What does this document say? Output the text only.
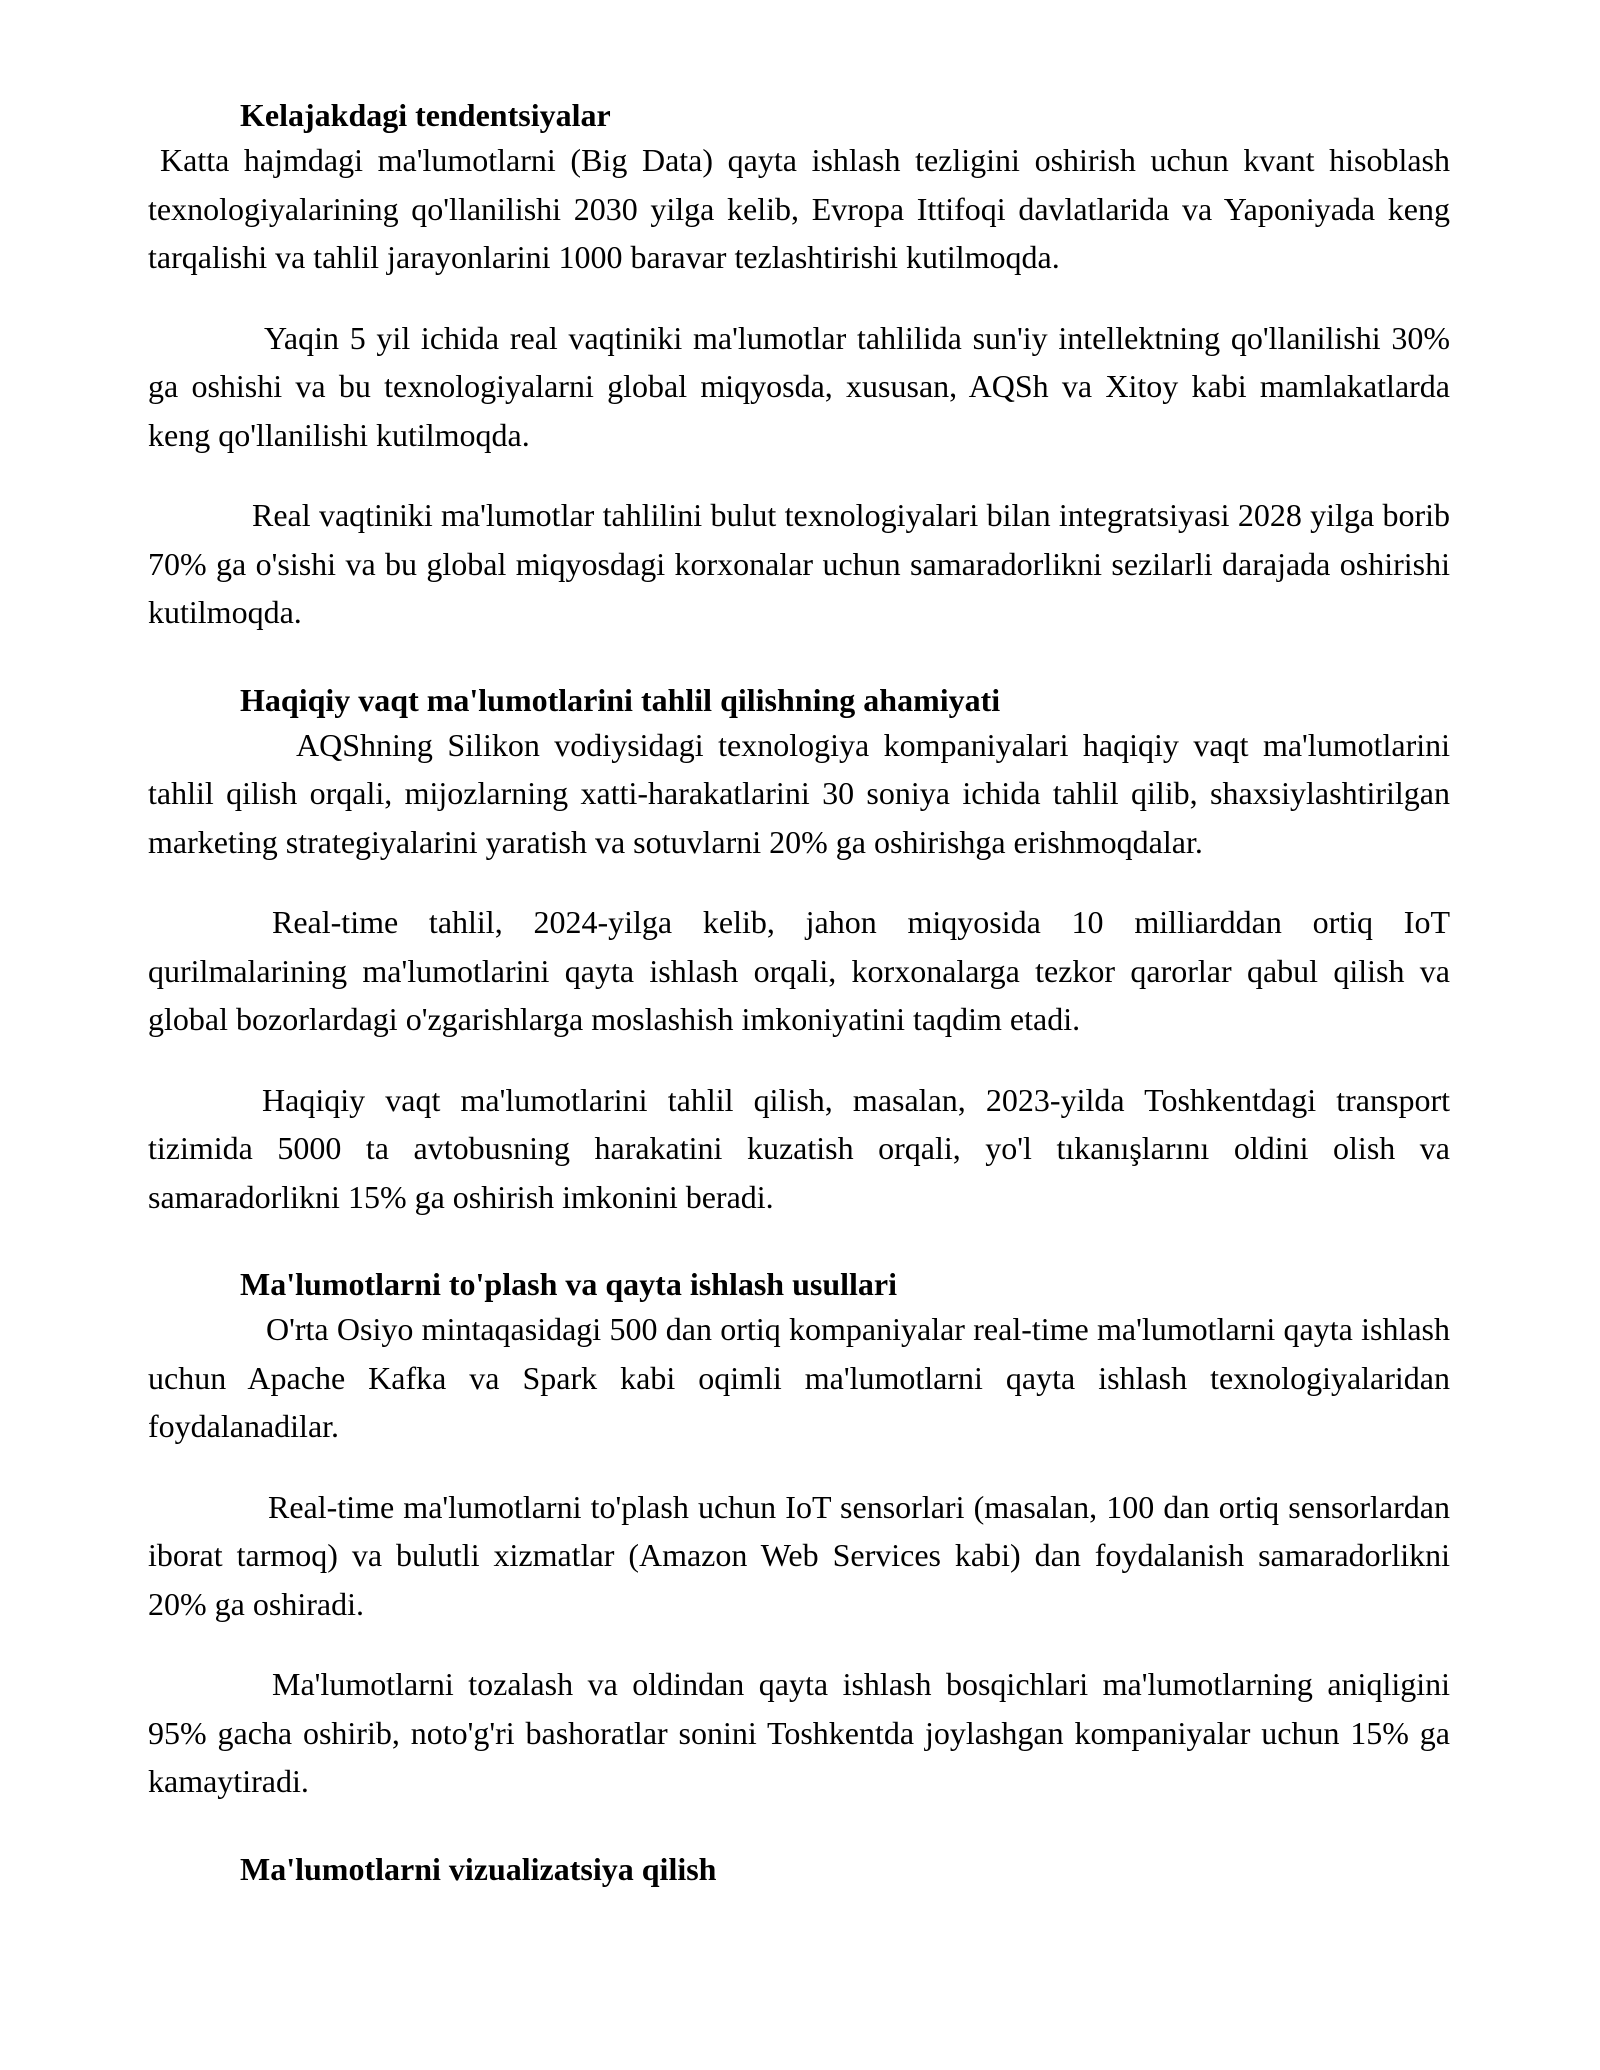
Kelajakdagi tendentsiyalar

Katta hajmdagi ma'lumotlarni (Big Data) qayta ishlash tezligini oshirish uchun kvant hisoblash texnologiyalarining qo'llanilishi 2030 yilga kelib, Evropa Ittifoqi davlatlarida va Yaponiyada keng tarqalishi va tahlil jarayonlarini 1000 baravar tezlashtirishi kutilmoqda.

Yaqin 5 yil ichida real vaqtiniki ma'lumotlar tahlilida sun'iy intellektning qo'llanilishi 30% ga oshishi va bu texnologiyalarni global miqyosda, xususan, AQSh va Xitoy kabi mamlakatlarda keng qo'llanilishi kutilmoqda.

Real vaqtiniki ma'lumotlar tahlilini bulut texnologiyalari bilan integratsiyasi 2028 yilga borib 70% ga o'sishi va bu global miqyosdagi korxonalar uchun samaradorlikni sezilarli darajada oshirishi kutilmoqda.

Haqiqiy vaqt ma'lumotlarini tahlil qilishning ahamiyati

AQShning Silikon vodiysidagi texnologiya kompaniyalari haqiqiy vaqt ma'lumotlarini tahlil qilish orqali, mijozlarning xatti-harakatlarini 30 soniya ichida tahlil qilib, shaxsiylashtirilgan marketing strategiyalarini yaratish va sotuvlarni 20% ga oshirishga erishmoqdalar.

Real-time tahlil, 2024-yilga kelib, jahon miqyosida 10 milliarddan ortiq IoT qurilmalarining ma'lumotlarini qayta ishlash orqali, korxonalarga tezkor qarorlar qabul qilish va global bozorlardagi o'zgarishlarga moslashish imkoniyatini taqdim etadi.

Haqiqiy vaqt ma'lumotlarini tahlil qilish, masalan, 2023-yilda Toshkentdagi transport tizimida 5000 ta avtobusning harakatini kuzatish orqali, yo'l tıkanışlarını oldini olish va samaradorlikni 15% ga oshirish imkonini beradi.

Ma'lumotlarni to'plash va qayta ishlash usullari

O'rta Osiyo mintaqasidagi 500 dan ortiq kompaniyalar real-time ma'lumotlarni qayta ishlash uchun Apache Kafka va Spark kabi oqimli ma'lumotlarni qayta ishlash texnologiyalaridan foydalanadilar.

Real-time ma'lumotlarni to'plash uchun IoT sensorlari (masalan, 100 dan ortiq sensorlardan iborat tarmoq) va bulutli xizmatlar (Amazon Web Services kabi) dan foydalanish samaradorlikni 20% ga oshiradi.

Ma'lumotlarni tozalash va oldindan qayta ishlash bosqichlari ma'lumotlarning aniqligini 95% gacha oshirib, noto'g'ri bashoratlar sonini Toshkentda joylashgan kompaniyalar uchun 15% ga kamaytiradi.

Ma'lumotlarni vizualizatsiya qilish
